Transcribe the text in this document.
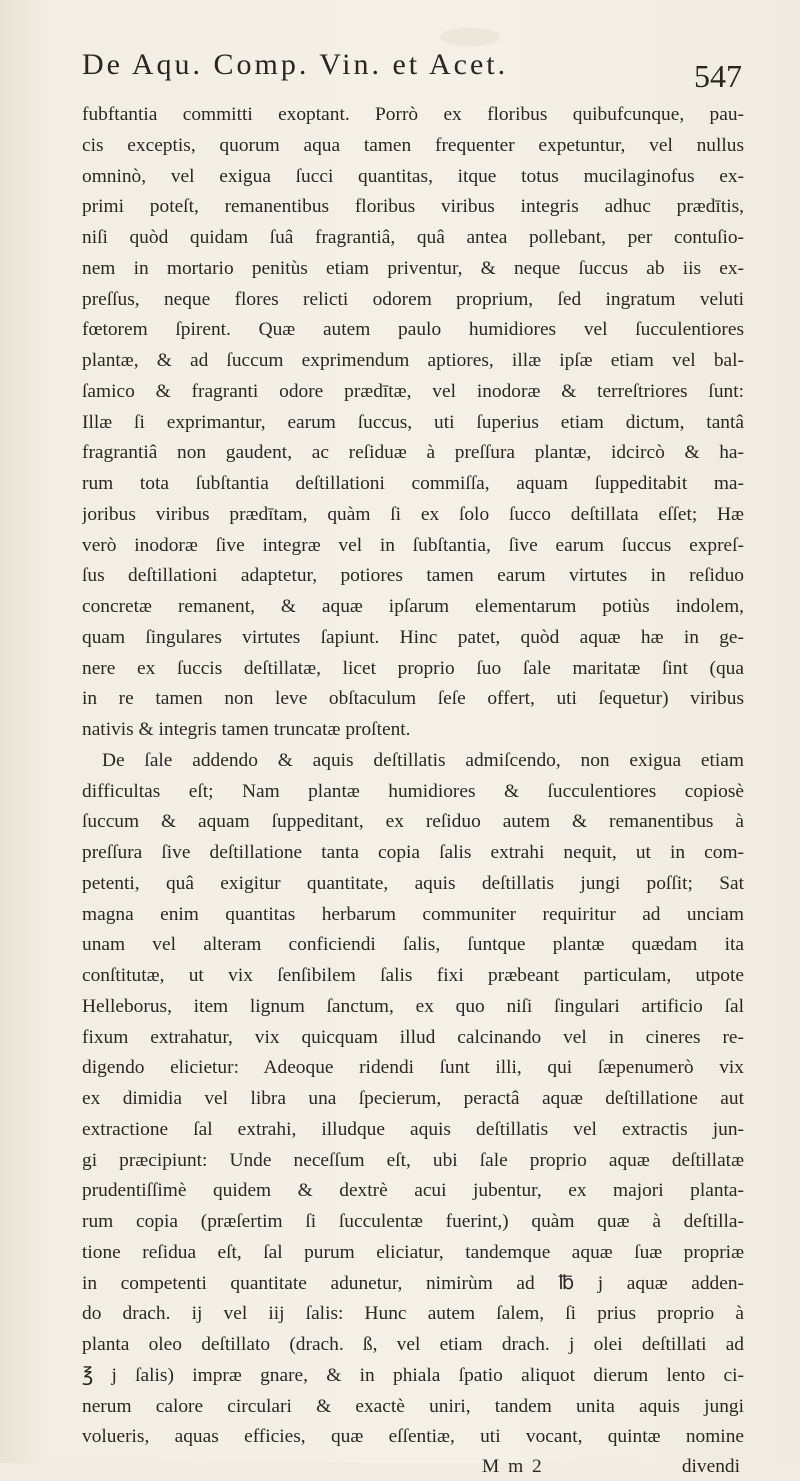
De Aqu. Comp. Vin. et Acet.	547
fubftantia committi exoptant. Porrò ex floribus quibufcunque, pau-
cis exceptis, quorum aqua tamen frequenter expetuntur, vel nullus
omninò, vel exigua ſucci quantitas, itque totus mucilaginofus ex-
primi poteſt, remanentibus floribus viribus integris adhuc prædītis,
niſi quòd quidam ſuâ fragrantiâ, quâ antea pollebant, per contuſio-
nem in mortario penitùs etiam priventur, & neque ſuccus ab iis ex-
preſſus, neque flores relicti odorem proprium, ſed ingratum veluti
fœtorem ſpirent. Quæ autem paulo humidiores vel ſucculentiores
plantæ, & ad ſuccum exprimendum aptiores, illæ ipſæ etiam vel bal-
ſamico & fragranti odore prædītæ, vel inodoræ & terreſtriores ſunt:
Illæ ſi exprimantur, earum ſuccus, uti ſuperius etiam dictum, tantâ
fragrantiâ non gaudent, ac reſiduæ à preſſura plantæ, idcircò & ha-
rum tota ſubſtantia deſtillationi commiſſa, aquam ſuppeditabit ma-
joribus viribus prædītam, quàm ſi ex ſolo ſucco deſtillata eſſet; Hæ
verò inodoræ ſive integræ vel in ſubſtantia, ſive earum ſuccus expreſ-
ſus deſtillationi adaptetur, potiores tamen earum virtutes in reſiduo
concretæ remanent, & aquæ ipſarum elementarum potiùs indolem,
quam ſingulares virtutes ſapiunt. Hinc patet, quòd aquæ hæ in ge-
nere ex ſuccis deſtillatæ, licet proprio ſuo ſale maritatæ ſint (qua
in re tamen non leve obſtaculum ſeſe offert, uti ſequetur) viribus
nativis & integris tamen truncatæ proſtent.
De ſale addendo & aquis deſtillatis admiſcendo, non exigua etiam
difficultas eſt; Nam plantæ humidiores & ſucculentiores copiosè
ſuccum & aquam ſuppeditant, ex reſiduo autem & remanentibus à
preſſura ſive deſtillatione tanta copia ſalis extrahi nequit, ut in com-
petenti, quâ exigitur quantitate, aquis deſtillatis jungi poſſit; Sat
magna enim quantitas herbarum communiter requiritur ad unciam
unam vel alteram conficiendi ſalis, ſuntque plantæ quædam ita
conſtitutæ, ut vix ſenſibilem ſalis fixi præbeant particulam, utpote
Helleborus, item lignum ſanctum, ex quo niſi ſingulari artificio ſal
fixum extrahatur, vix quicquam illud calcinando vel in cineres re-
digendo elicietur: Adeoque ridendi ſunt illi, qui ſæpenumerò vix
ex dimidia vel libra una ſpecierum, peractâ aquæ deſtillatione aut
extractione ſal extrahi, illudque aquis deſtillatis vel extractis jun-
gi præcipiunt: Unde neceſſum eſt, ubi ſale proprio aquæ deſtillatæ
prudentiſſimè quidem & dextrè acui jubentur, ex majori planta-
rum copia (præſertim ſi ſucculentæ fuerint,) quàm quæ à deſtilla-
tione reſidua eſt, ſal purum eliciatur, tandemque aquæ ſuæ propriæ
in competenti quantitate adunetur, nimirùm ad ℔ j aquæ adden-
do drach. ij vel iij ſalis: Hunc autem ſalem, ſi prius proprio à
planta oleo deſtillato (drach. ß, vel etiam drach. j olei deſtillati ad
℥ j ſalis) impræ gnare, & in phiala ſpatio aliquot dierum lento ci-
nerum calore circulari & exactè uniri, tandem unita aquis jungi
volueris, aquas efficies, quæ eſſentiæ, uti vocant, quintæ nomine
M m 2	divendi
